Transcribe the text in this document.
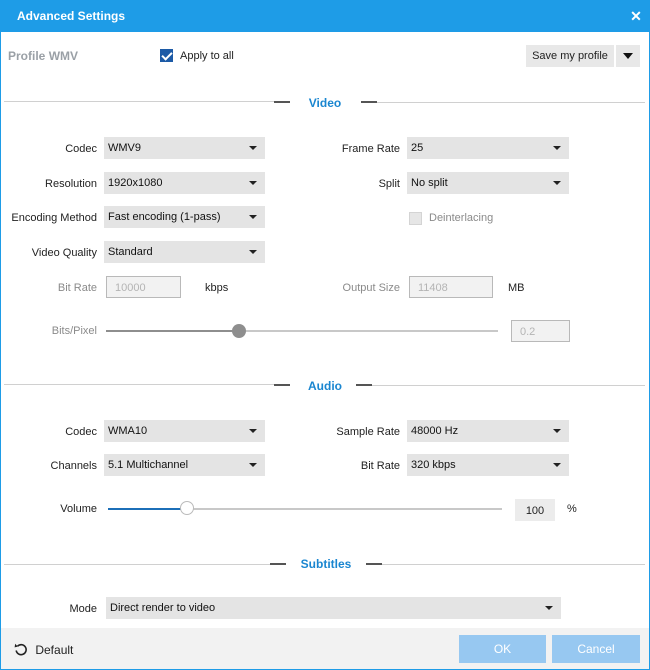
Advanced Settings	✕
Profile WMV	Apply to all	Save my profile
Video
Codec WMV9
Resolution 1920x1080
Encoding Method Fast encoding (1-pass)
Video Quality Standard
Frame Rate 25
Split No split
Deinterlacing
Bit Rate 10000	kbps	Output Size 11408	MB
Bits/Pixel	0.2
Audio
Codec WMA10
Channels 5.1 Multichannel
Sample Rate 48000 Hz
Bit Rate 320 kbps
Volume	100	%
Subtitles
Mode Direct render to video
Default	OK	Cancel
